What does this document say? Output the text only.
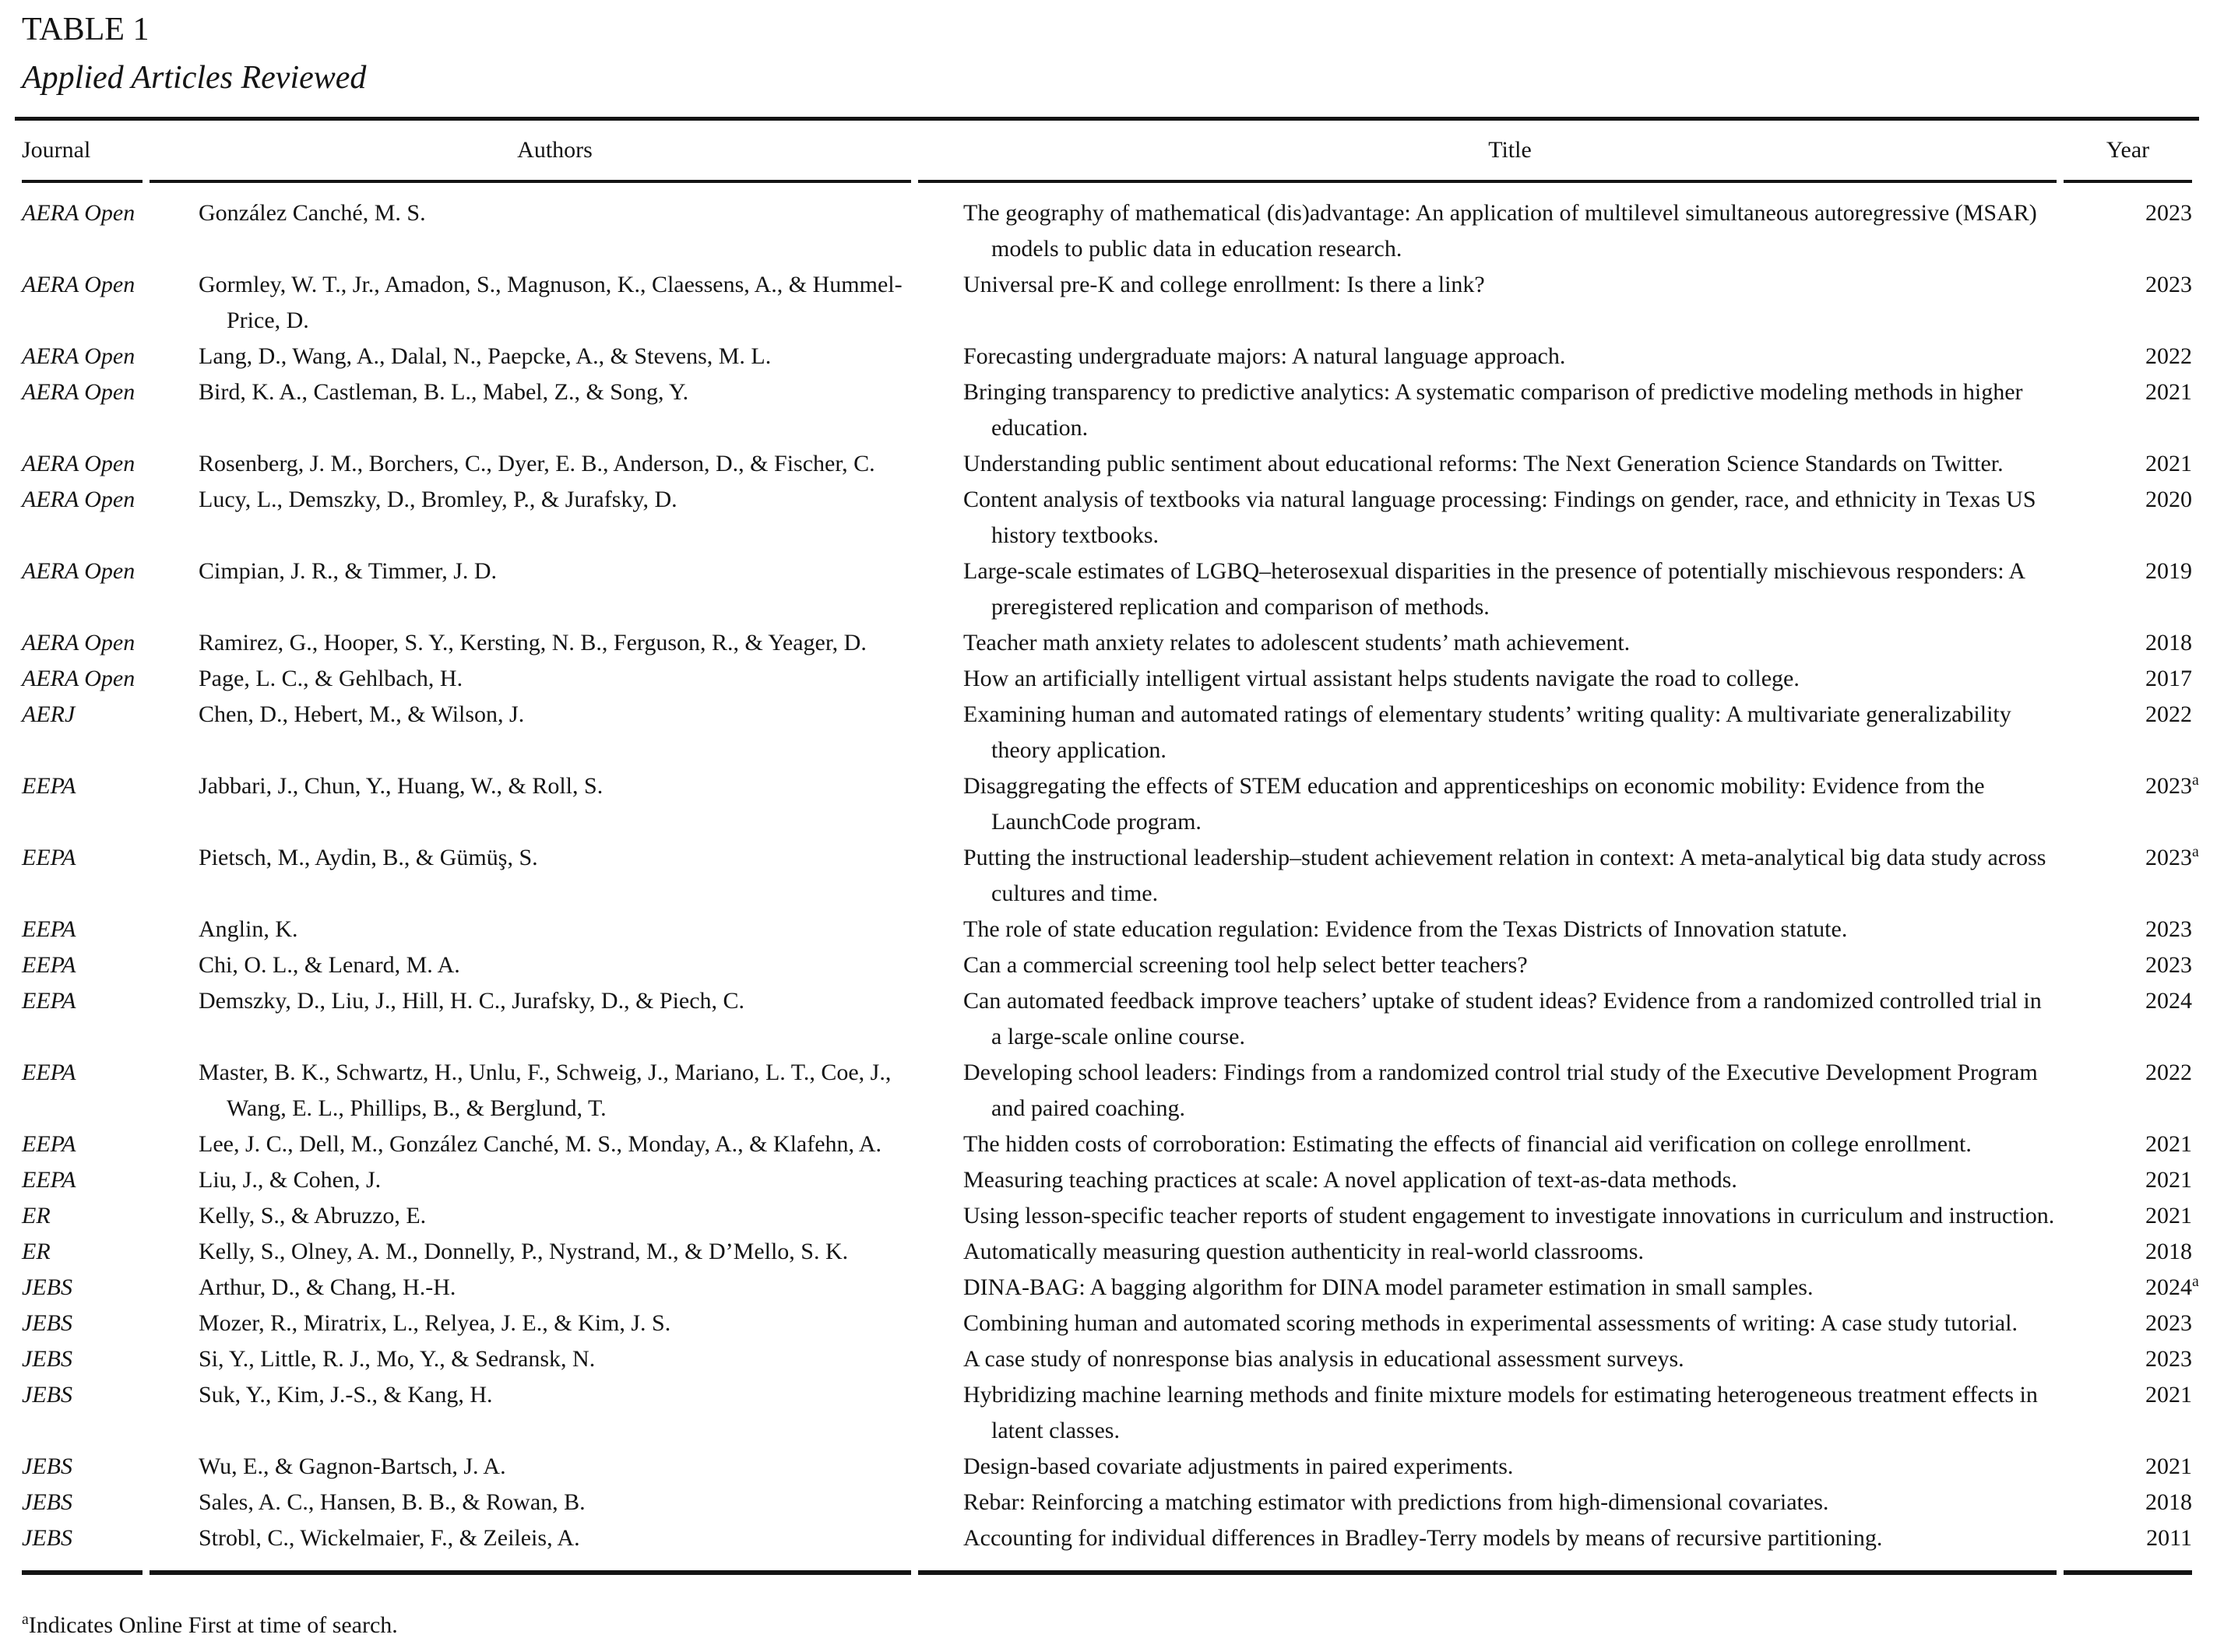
TABLE 1
Applied Articles Reviewed
Journal	Authors	Title	Year
AERA Open	González Canché, M. S.	The geography of mathematical (dis)advantage: An application of multilevel simultaneous autoregressive (MSAR) models to public data in education research.	2023
AERA Open	Gormley, W. T., Jr., Amadon, S., Magnuson, K., Claessens, A., & Hummel-Price, D.	Universal pre-K and college enrollment: Is there a link?	2023
AERA Open	Lang, D., Wang, A., Dalal, N., Paepcke, A., & Stevens, M. L.	Forecasting undergraduate majors: A natural language approach.	2022
AERA Open	Bird, K. A., Castleman, B. L., Mabel, Z., & Song, Y.	Bringing transparency to predictive analytics: A systematic comparison of predictive modeling methods in higher education.	2021
AERA Open	Rosenberg, J. M., Borchers, C., Dyer, E. B., Anderson, D., & Fischer, C.	Understanding public sentiment about educational reforms: The Next Generation Science Standards on Twitter.	2021
AERA Open	Lucy, L., Demszky, D., Bromley, P., & Jurafsky, D.	Content analysis of textbooks via natural language processing: Findings on gender, race, and ethnicity in Texas US history textbooks.	2020
AERA Open	Cimpian, J. R., & Timmer, J. D.	Large-scale estimates of LGBQ–heterosexual disparities in the presence of potentially mischievous responders: A preregistered replication and comparison of methods.	2019
AERA Open	Ramirez, G., Hooper, S. Y., Kersting, N. B., Ferguson, R., & Yeager, D.	Teacher math anxiety relates to adolescent students’ math achievement.	2018
AERA Open	Page, L. C., & Gehlbach, H.	How an artificially intelligent virtual assistant helps students navigate the road to college.	2017
AERJ	Chen, D., Hebert, M., & Wilson, J.	Examining human and automated ratings of elementary students’ writing quality: A multivariate generalizability theory application.	2022
EEPA	Jabbari, J., Chun, Y., Huang, W., & Roll, S.	Disaggregating the effects of STEM education and apprenticeships on economic mobility: Evidence from the LaunchCode program.	2023$^a$
EEPA	Pietsch, M., Aydin, B., & Gümüş, S.	Putting the instructional leadership–student achievement relation in context: A meta-analytical big data study across cultures and time.	2023$^a$
EEPA	Anglin, K.	The role of state education regulation: Evidence from the Texas Districts of Innovation statute.	2023
EEPA	Chi, O. L., & Lenard, M. A.	Can a commercial screening tool help select better teachers?	2023
EEPA	Demszky, D., Liu, J., Hill, H. C., Jurafsky, D., & Piech, C.	Can automated feedback improve teachers’ uptake of student ideas? Evidence from a randomized controlled trial in a large-scale online course.	2024
EEPA	Master, B. K., Schwartz, H., Unlu, F., Schweig, J., Mariano, L. T., Coe, J., Wang, E. L., Phillips, B., & Berglund, T.	Developing school leaders: Findings from a randomized control trial study of the Executive Development Program and paired coaching.	2022
EEPA	Lee, J. C., Dell, M., González Canché, M. S., Monday, A., & Klafehn, A.	The hidden costs of corroboration: Estimating the effects of financial aid verification on college enrollment.	2021
EEPA	Liu, J., & Cohen, J.	Measuring teaching practices at scale: A novel application of text-as-data methods.	2021
ER	Kelly, S., & Abruzzo, E.	Using lesson-specific teacher reports of student engagement to investigate innovations in curriculum and instruction.	2021
ER	Kelly, S., Olney, A. M., Donnelly, P., Nystrand, M., & D’Mello, S. K.	Automatically measuring question authenticity in real-world classrooms.	2018
JEBS	Arthur, D., & Chang, H.-H.	DINA-BAG: A bagging algorithm for DINA model parameter estimation in small samples.	2024$^a$
JEBS	Mozer, R., Miratrix, L., Relyea, J. E., & Kim, J. S.	Combining human and automated scoring methods in experimental assessments of writing: A case study tutorial.	2023
JEBS	Si, Y., Little, R. J., Mo, Y., & Sedransk, N.	A case study of nonresponse bias analysis in educational assessment surveys.	2023
JEBS	Suk, Y., Kim, J.-S., & Kang, H.	Hybridizing machine learning methods and finite mixture models for estimating heterogeneous treatment effects in latent classes.	2021
JEBS	Wu, E., & Gagnon-Bartsch, J. A.	Design-based covariate adjustments in paired experiments.	2021
JEBS	Sales, A. C., Hansen, B. B., & Rowan, B.	Rebar: Reinforcing a matching estimator with predictions from high-dimensional covariates.	2018
JEBS	Strobl, C., Wickelmaier, F., & Zeileis, A.	Accounting for individual differences in Bradley-Terry models by means of recursive partitioning.	2011
$^a$Indicates Online First at time of search.
